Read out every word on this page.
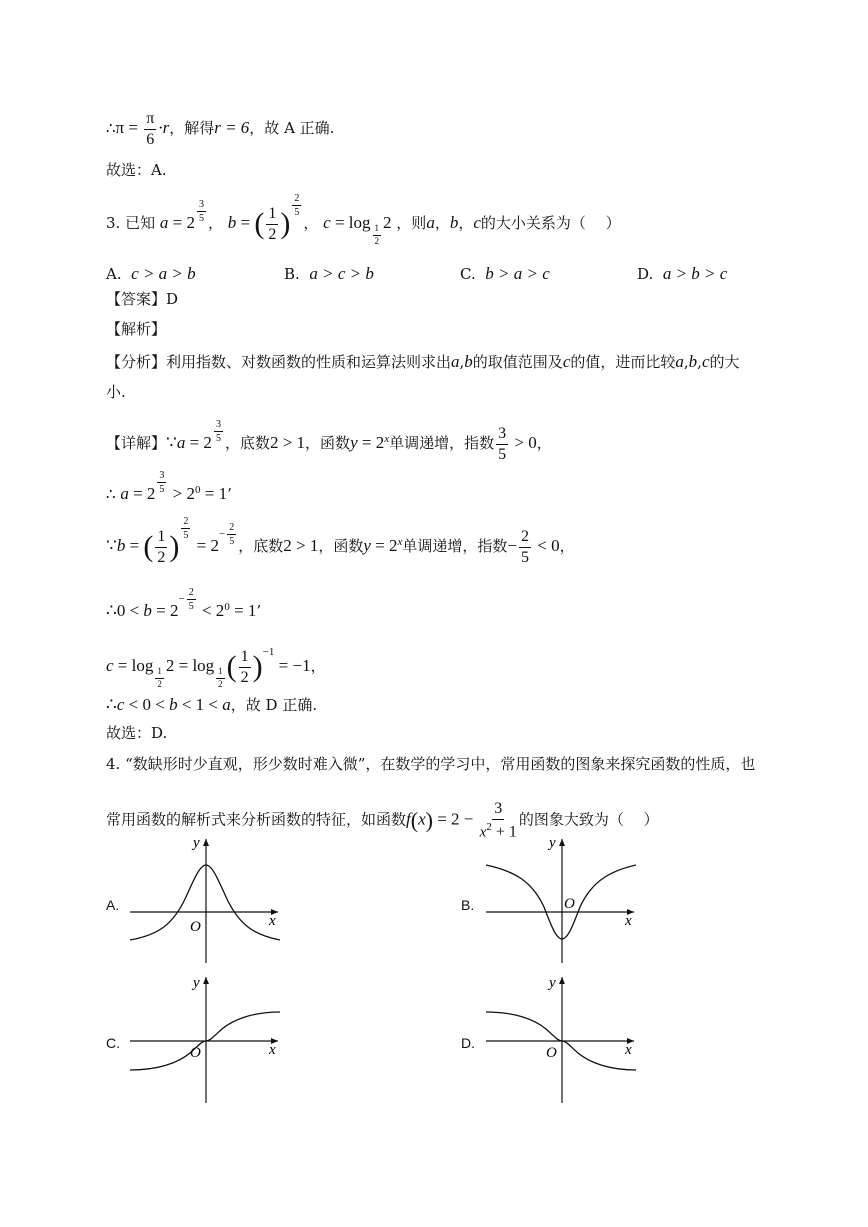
∴π = $\frac{\pi}{6} \cdot r$，解得r = 6，故 A 正确.
故选：A.
3. 已知 a = 2 $^{\frac{3}{5}}$ ， b = ( $\frac{1}{2}$ )
$^{\frac{2}{5}}$
， c = log
$_{\frac{1}{2}}$
2 ，则a，b，c的大小关系为（　 ）
A. c > a > b	B. a > c > b	C. b > a > c	D. a > b > c
【答案】D
【解析】
【分析】利用指数、对数函数的性质和运算法则求出a,b的取值范围及c的值，进而比较a,b,c的大
小.
【详解】∵a = 2 $^{\frac{3}{5}}$ ，底数2 > 1，函数$y = 2^x$单调递增，指数 $\frac{3}{5} > 0$，
∴ a = 2 $^{\frac{3}{5}} > 2^0 = 1$’
∵b = ( $\frac{1}{2}$ )
$^{\frac{2}{5}}$
= $2^{- \frac{2}{5}}$ ，底数2 > 1，函数$y = 2^x$单调递增，指数− $\frac{2}{5} < 0$，
∴0 < $b = 2^{- \frac{2}{5}} < 2^0 = 1$’
c = log
$_{\frac{1}{2}}$
2 = log
$_{\frac{1}{2}}$ ( $\frac{1}{2} )^{-1} = -1$，
∴c < 0 < b < 1 < a，故 D 正确.
故选：D.
4. “数缺形时少直观，形少数时难入微”，在数学的学习中，常用函数的图象来探究函数的性质，也
常用函数的解析式来分析函数的特征，如函数$f(x) = 2 - \frac{3}{x^2 + 1}$ 的图象大致为（　 ）
A.
y
x
O
B.
y
x
O
C.
y
x
O
D.
y
x
O
